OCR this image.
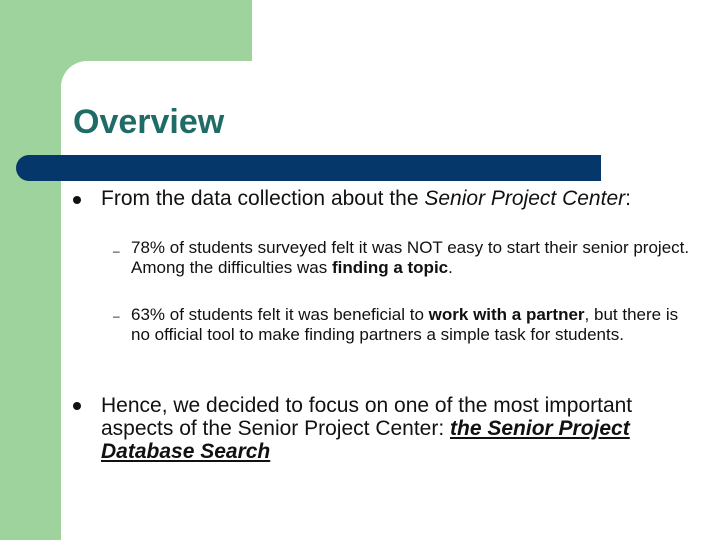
Overview

From the data collection about the Senior Project Center:

– 78% of students surveyed felt it was NOT easy to start their senior project. Among the difficulties was finding a topic.

– 63% of students felt it was beneficial to work with a partner, but there is no official tool to make finding partners a simple task for students.

Hence, we decided to focus on one of the most important aspects of the Senior Project Center: the Senior Project Database Search
